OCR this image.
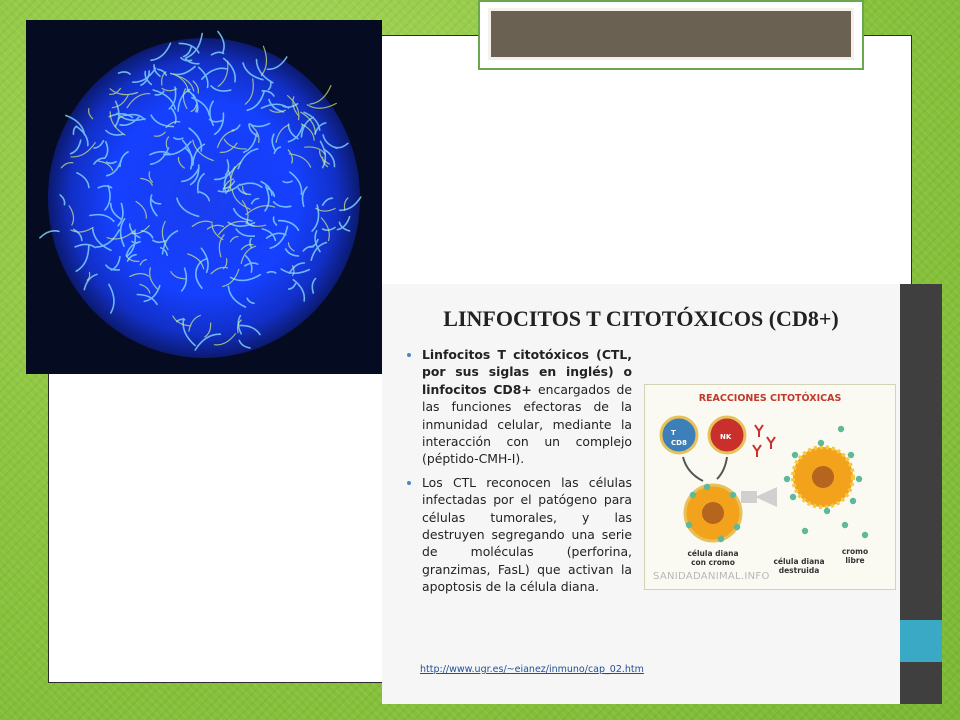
LINFOCITOS T CITOTÓXICOS (CD8+)
• Linfocitos T citotóxicos (CTL, por sus siglas en inglés) o linfocitos CD8+ encargados de las funciones efectoras de la inmunidad celular, mediante la interacción con un complejo (péptido-CMH-I).
• Los CTL reconocen las células infectadas por el patógeno para células tumorales, y las destruyen segregando una serie de moléculas (perforina, granzimas, FasL) que activan la apoptosis de la célula diana.
REACCIONES CITOTÓXICAS
T
CD8
NK
célula diana
con cromo	célula diana
destruida
cromo
libre
SANIDADANIMAL.INFO
http://www.ugr.es/~eianez/inmuno/cap_02.htm
